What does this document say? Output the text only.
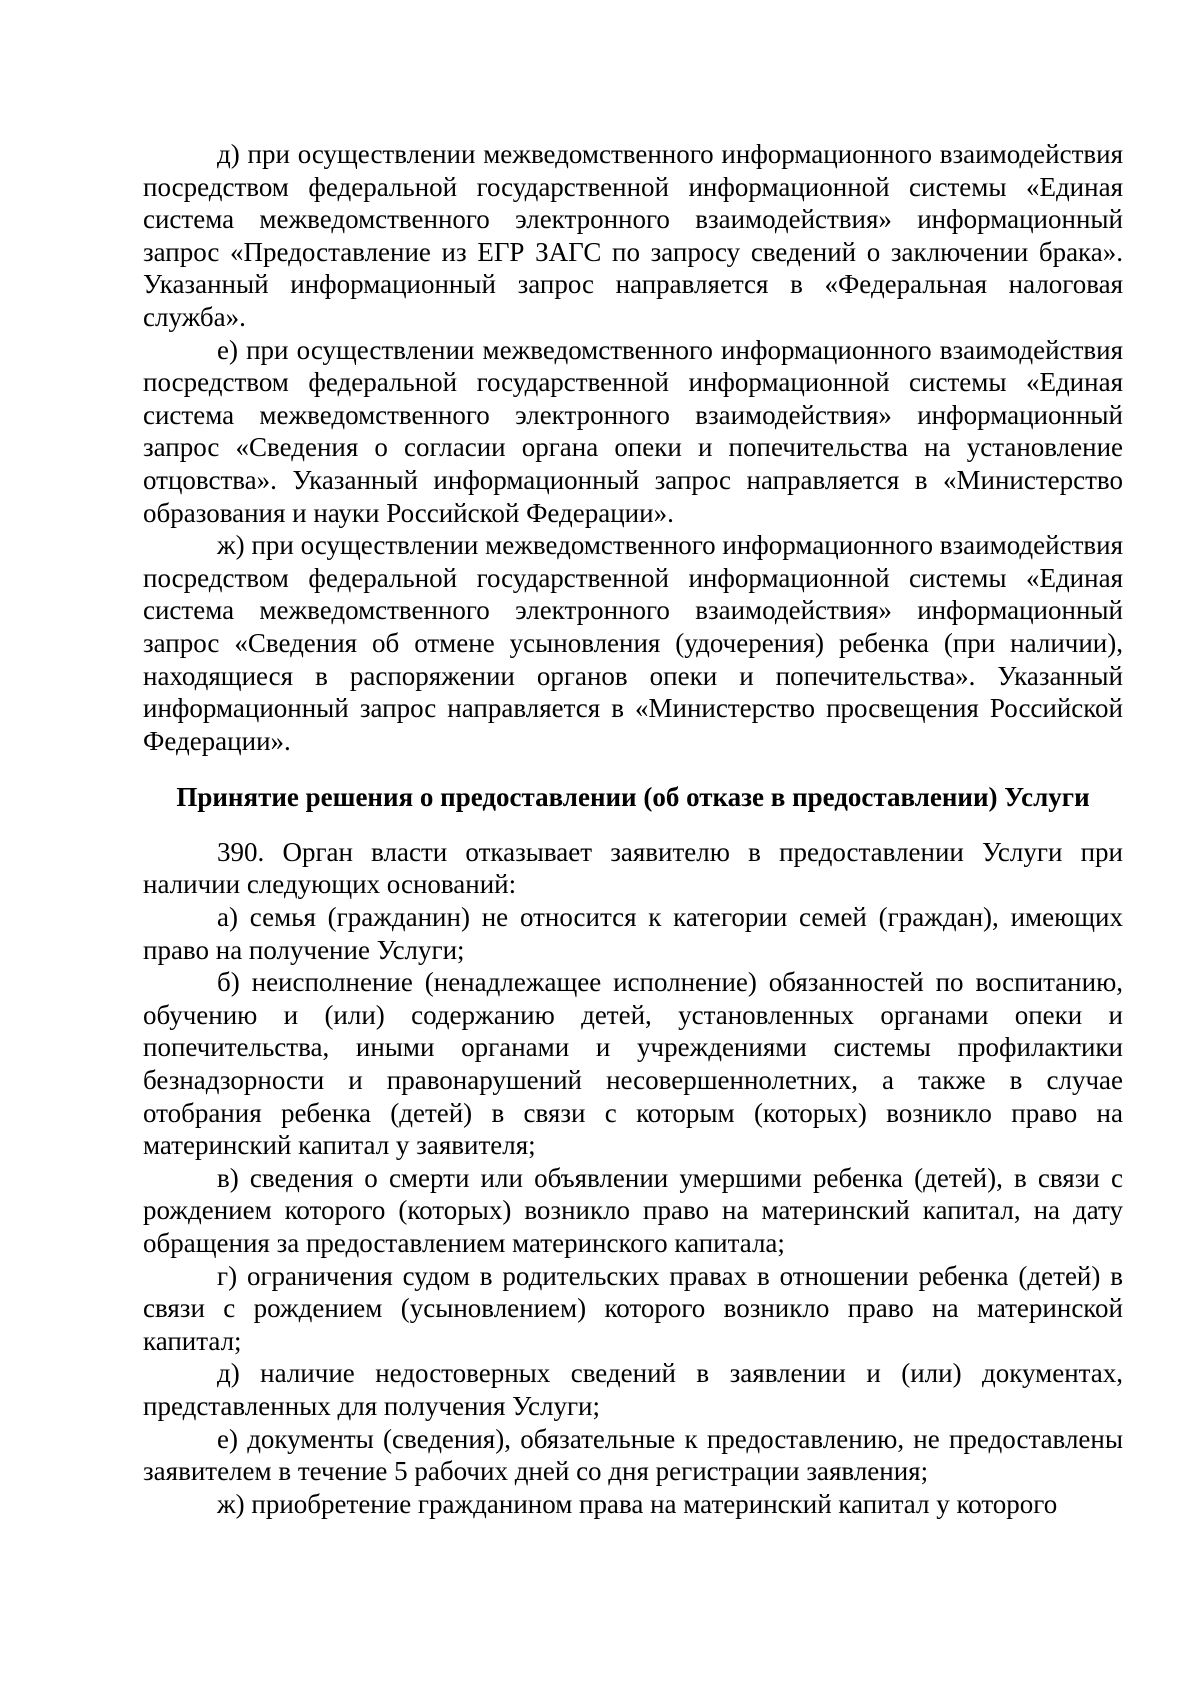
д) при осуществлении межведомственного информационного взаимодействия посредством федеральной государственной информационной системы «Единая система межведомственного электронного взаимодействия» информационный запрос «Предоставление из ЕГР ЗАГС по запросу сведений о заключении брака». Указанный информационный запрос направляется в «Федеральная налоговая служба».

е) при осуществлении межведомственного информационного взаимодействия посредством федеральной государственной информационной системы «Единая система межведомственного электронного взаимодействия» информационный запрос «Сведения о согласии органа опеки и попечительства на установление отцовства». Указанный информационный запрос направляется в «Министерство образования и науки Российской Федерации».

ж) при осуществлении межведомственного информационного взаимодействия посредством федеральной государственной информационной системы «Единая система межведомственного электронного взаимодействия» информационный запрос «Сведения об отмене усыновления (удочерения) ребенка (при наличии), находящиеся в распоряжении органов опеки и попечительства». Указанный информационный запрос направляется в «Министерство просвещения Российской Федерации».

Принятие решения о предоставлении (об отказе в предоставлении) Услуги

390. Орган власти отказывает заявителю в предоставлении Услуги при наличии следующих оснований:

а) семья (гражданин) не относится к категории семей (граждан), имеющих право на получение Услуги;

б) неисполнение (ненадлежащее исполнение) обязанностей по воспитанию, обучению и (или) содержанию детей, установленных органами опеки и попечительства, иными органами и учреждениями системы профилактики безнадзорности и правонарушений несовершеннолетних, а также в случае отобрания ребенка (детей) в связи с которым (которых) возникло право на материнский капитал у заявителя;

в) сведения о смерти или объявлении умершими ребенка (детей), в связи с рождением которого (которых) возникло право на материнский капитал, на дату обращения за предоставлением материнского капитала;

г) ограничения судом в родительских правах в отношении ребенка (детей) в связи с рождением (усыновлением) которого возникло право на материнской капитал;

д) наличие недостоверных сведений в заявлении и (или) документах, представленных для получения Услуги;

е) документы (сведения), обязательные к предоставлению, не предоставлены заявителем в течение 5 рабочих дней со дня регистрации заявления;

ж) приобретение гражданином права на материнский капитал у которого
